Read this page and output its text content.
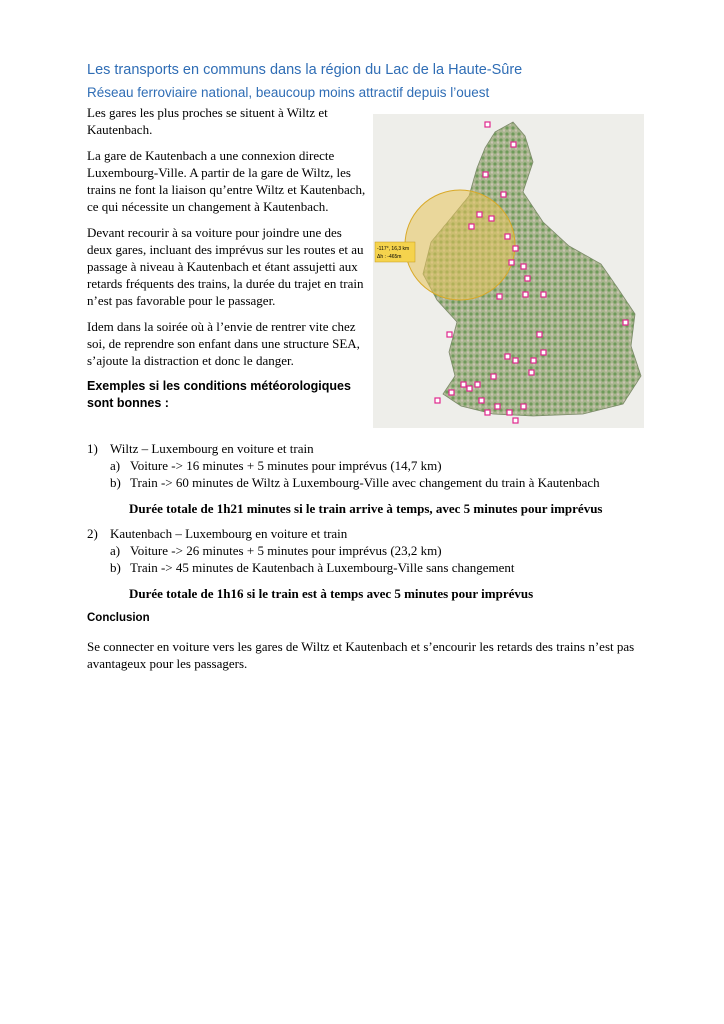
Les transports en communs dans la région du Lac de la Haute-Sûre
Réseau ferroviaire national, beaucoup moins attractif depuis l’ouest

Les gares les plus proches se situent à Wiltz et Kautenbach.

La gare de Kautenbach a une connexion directe Luxembourg-Ville. A partir de la gare de Wiltz, les trains ne font la liaison qu’entre Wiltz et Kautenbach, ce qui nécessite un changement à Kautenbach.

Devant recourir à sa voiture pour joindre une des deux gares, incluant des imprévus sur les routes et au passage à niveau à Kautenbach et étant assujetti aux retards fréquents des trains, la durée du trajet en train n’est pas favorable pour le passager.

Idem dans la soirée où à l’envie de rentrer vite chez soi, de reprendre son enfant dans une structure SEA, s’ajoute la distraction et donc le danger.

Exemples si les conditions météorologiques sont bonnes :

-117°, 16,3 km
Δh : -465m
1) Wiltz – Luxembourg en voiture et train
a) Voiture -> 16 minutes + 5 minutes pour imprévus (14,7 km)
b) Train -> 60 minutes de Wiltz à Luxembourg-Ville avec changement du train à Kautenbach
Durée totale de 1h21 minutes si le train arrive à temps, avec 5 minutes pour imprévus
2) Kautenbach – Luxembourg en voiture et train
a) Voiture -> 26 minutes + 5 minutes pour imprévus (23,2 km)
b) Train -> 45 minutes de Kautenbach à Luxembourg-Ville sans changement
Durée totale de 1h16 si le train est à temps avec 5 minutes pour imprévus
Conclusion
Se connecter en voiture vers les gares de Wiltz et Kautenbach et s’encourir les retards des trains n’est pas avantageux pour les passagers.
